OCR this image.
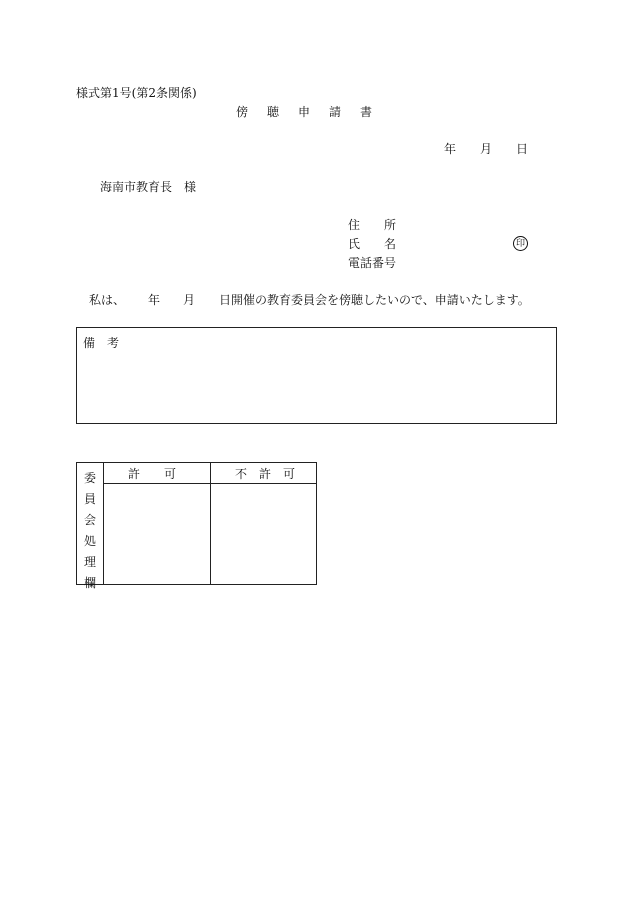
様式第1号(第2条関係)
傍聴申請書
年 月 日
海南市教育長　様
住　　所
氏　　名	印
電話番号
私は、 年 月 日開催の教育委員会を傍聴したいので、申請いたします。
備　考
委
員
会
処
理
欄
許　　可	不　許　可
